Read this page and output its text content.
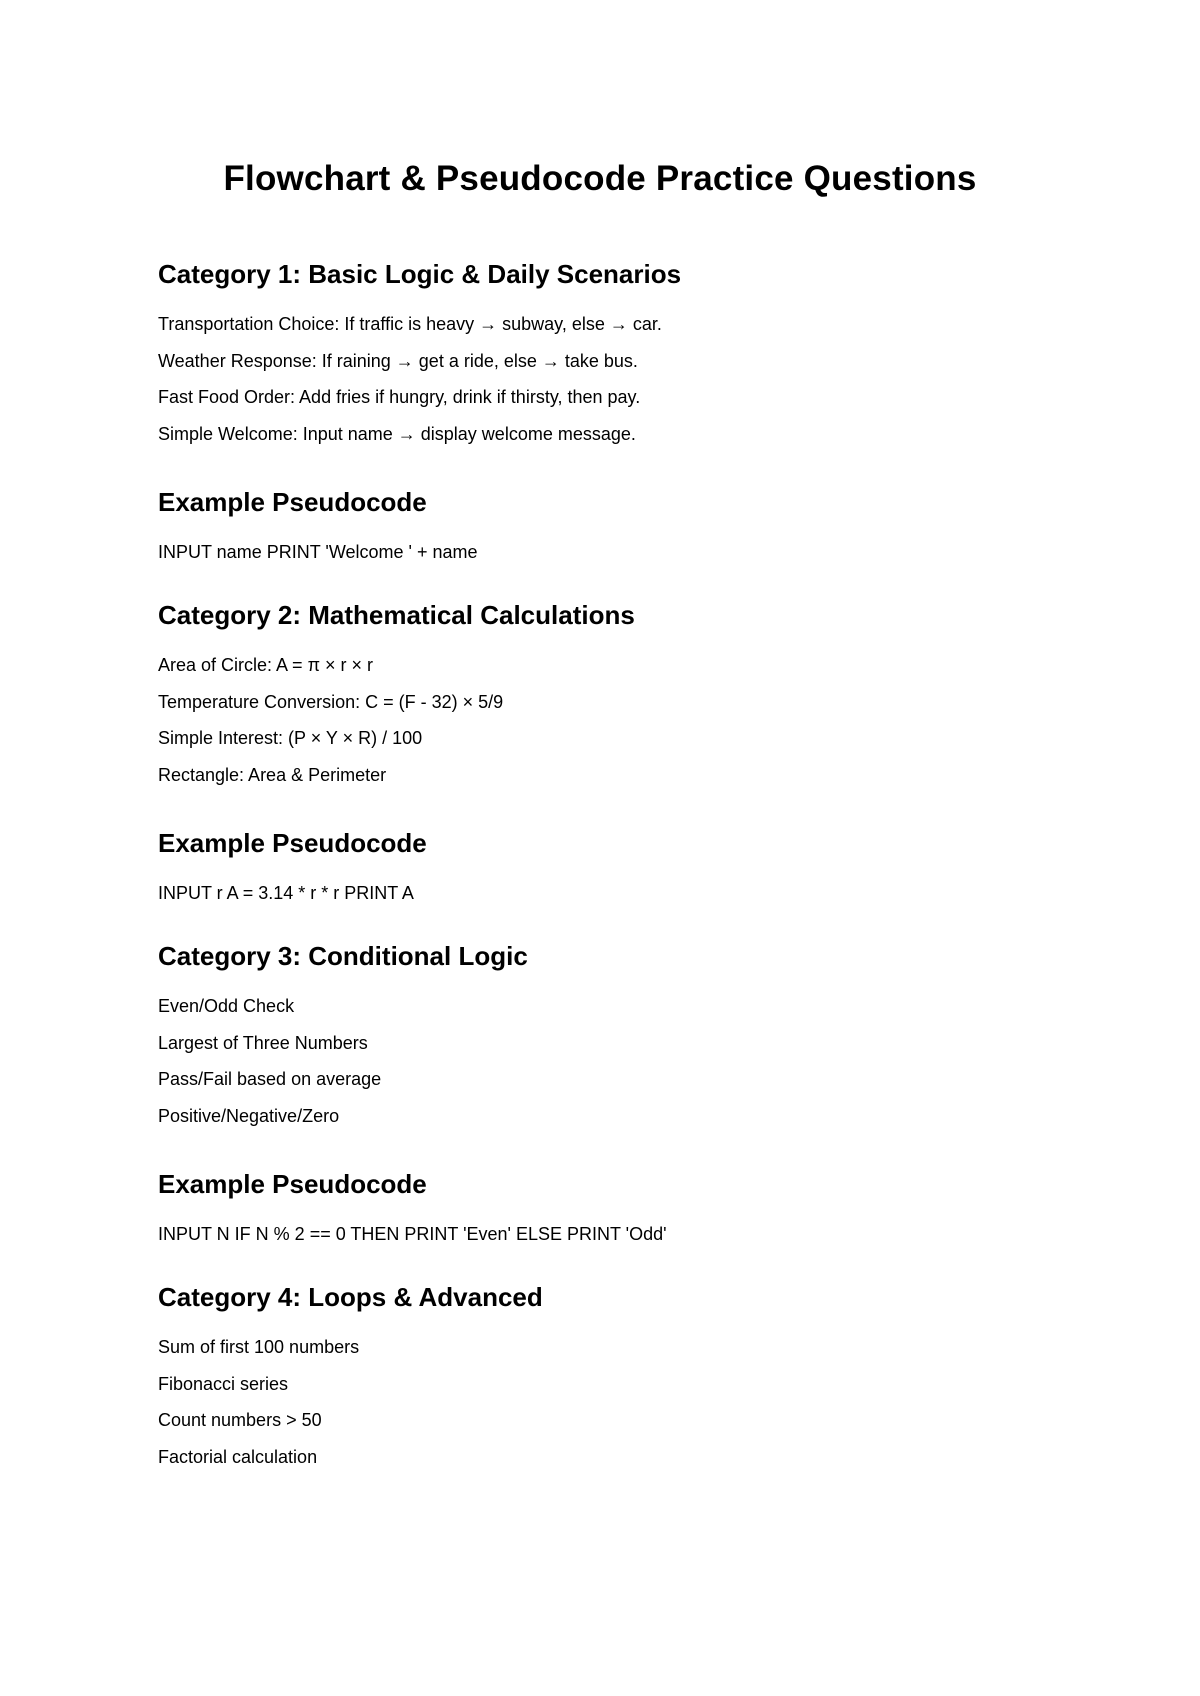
Flowchart & Pseudocode Practice Questions
Category 1: Basic Logic & Daily Scenarios
Transportation Choice: If traffic is heavy → subway, else → car.
Weather Response: If raining → get a ride, else → take bus.
Fast Food Order: Add fries if hungry, drink if thirsty, then pay.
Simple Welcome: Input name → display welcome message.
Example Pseudocode

INPUT name PRINT 'Welcome ' + name

Category 2: Mathematical Calculations
Area of Circle: A = π × r × r
Temperature Conversion: C = (F - 32) × 5/9
Simple Interest: (P × Y × R) / 100
Rectangle: Area & Perimeter
Example Pseudocode

INPUT r A = 3.14 * r * r PRINT A

Category 3: Conditional Logic
Even/Odd Check
Largest of Three Numbers
Pass/Fail based on average
Positive/Negative/Zero
Example Pseudocode

INPUT N IF N % 2 == 0 THEN PRINT 'Even' ELSE PRINT 'Odd'

Category 4: Loops & Advanced
Sum of first 100 numbers
Fibonacci series
Count numbers > 50
Factorial calculation
